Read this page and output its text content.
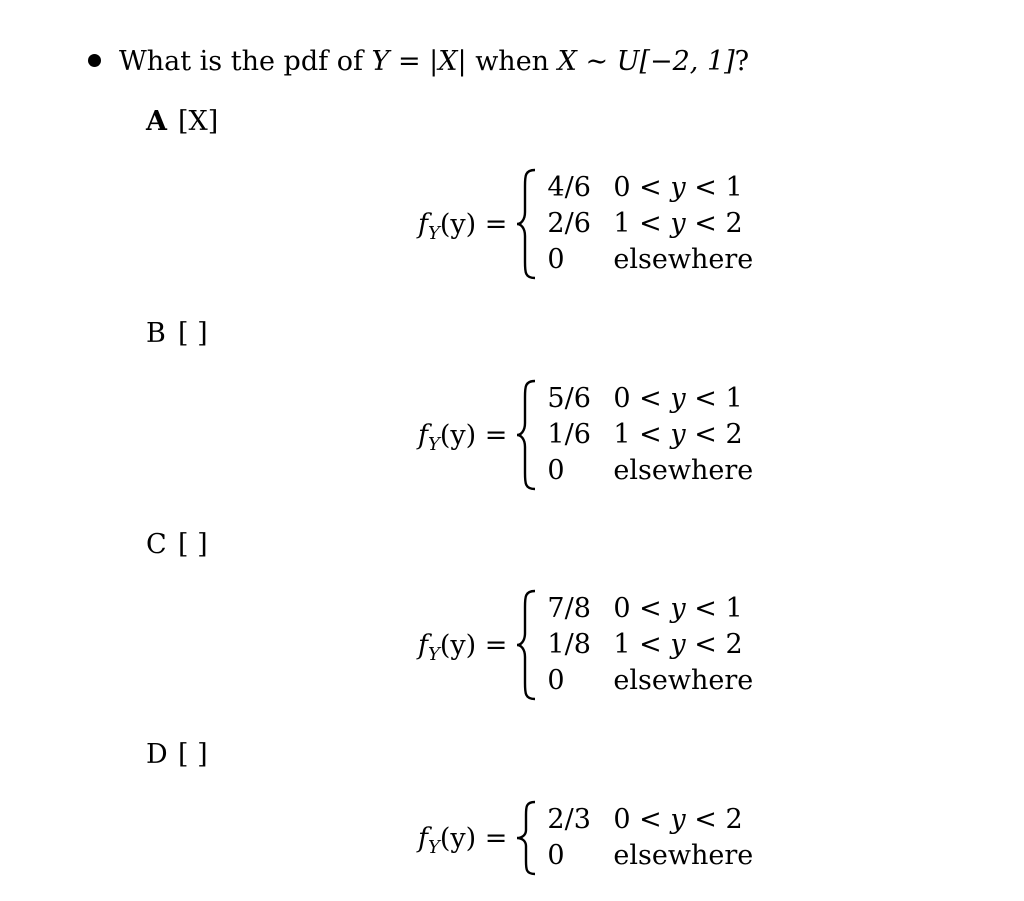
What is the pdf of Y = |X| when X ∼ U[−2, 1]?
A [X]
$f_Y(y)$ =
4/6 0 < y < 1
2/6 1 < y < 2
0	elsewhere
B [ ]
$f_Y(y)$ =
5/6 0 < y < 1
1/6 1 < y < 2
0	elsewhere
C [ ]
$f_Y(y)$ =
7/8 0 < y < 1
1/8 1 < y < 2
0	elsewhere
D [ ]
$f_Y(y)$ =
2/3 0 < y < 2
0	elsewhere
